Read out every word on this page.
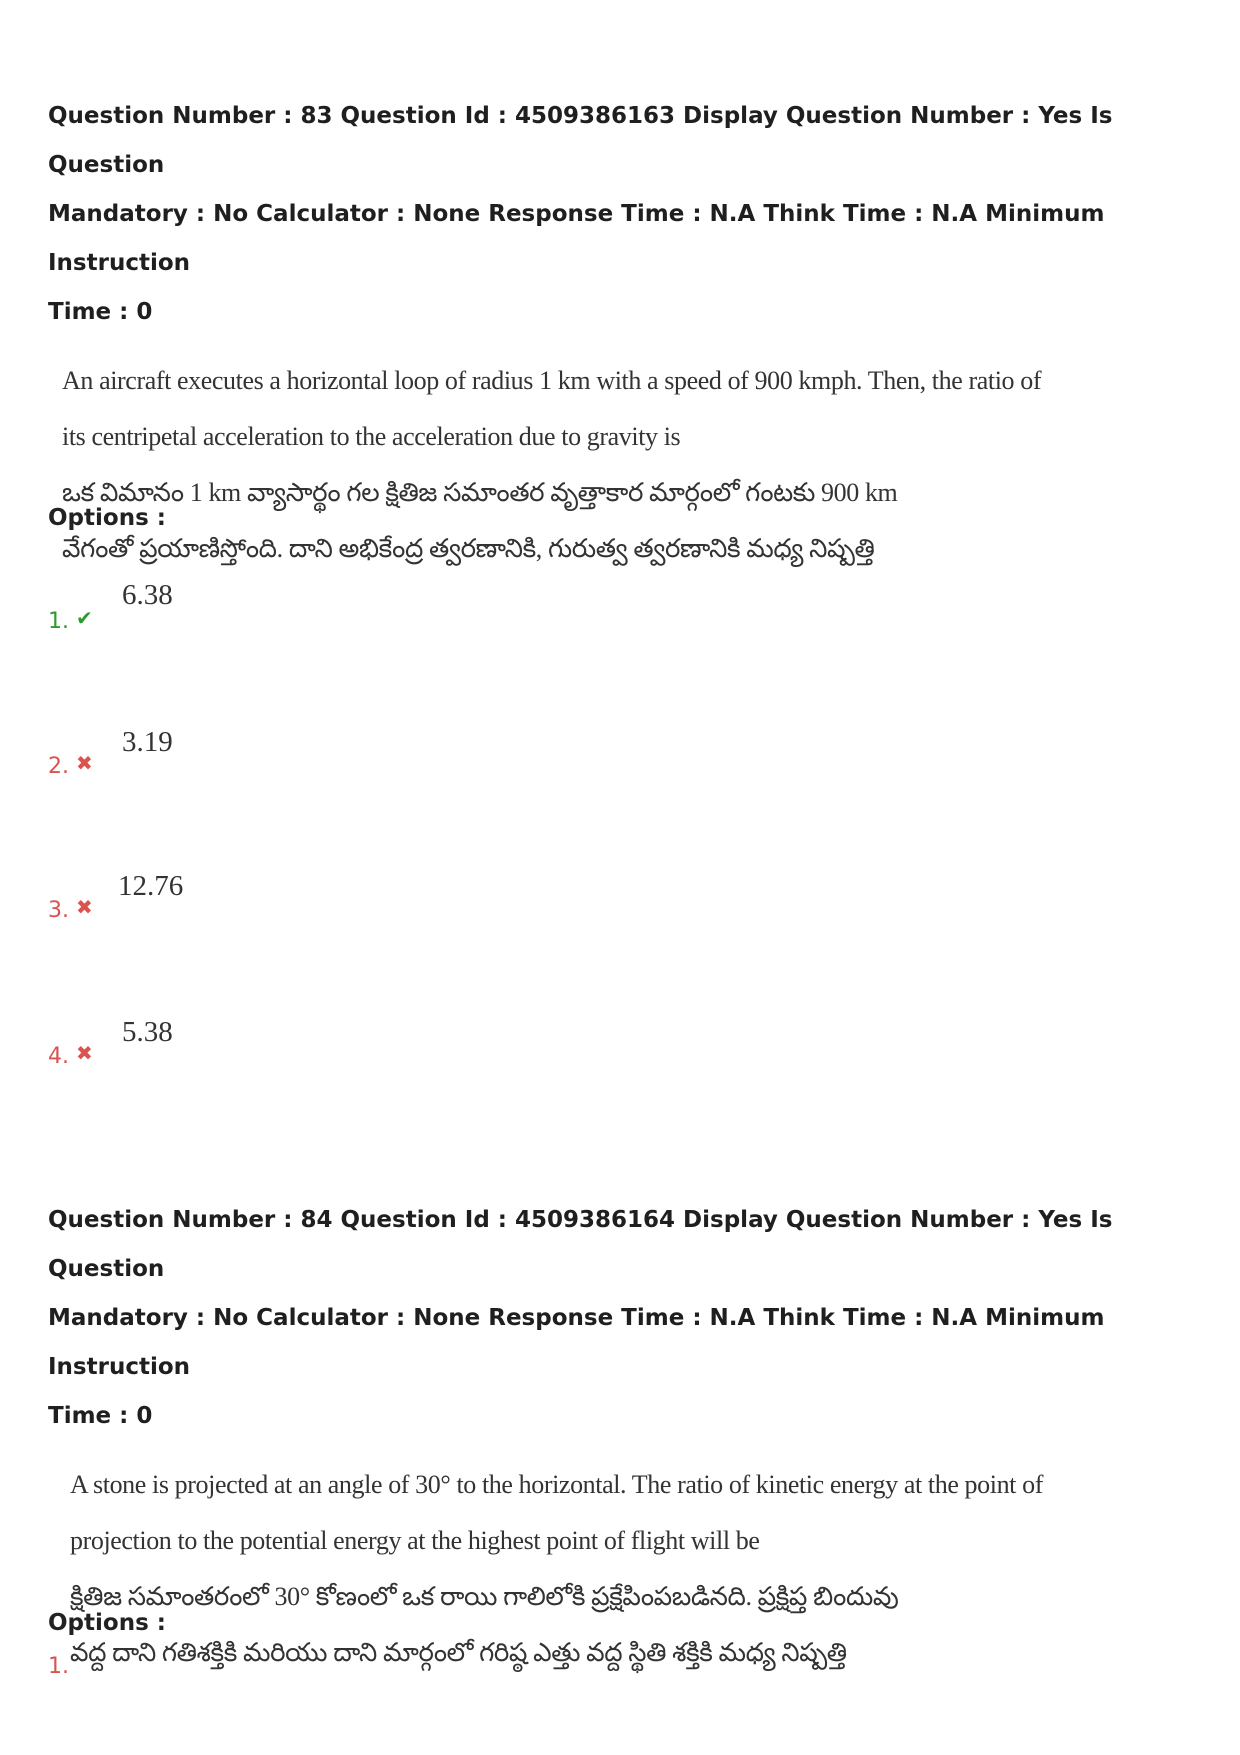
Question Number : 83 Question Id : 4509386163 Display Question Number : Yes Is Question
Mandatory : No Calculator : None Response Time : N.A Think Time : N.A Minimum Instruction
Time : 0
An aircraft executes a horizontal loop of radius 1 km with a speed of 900 kmph. Then, the ratio of
its centripetal acceleration to the acceleration due to gravity is
ఒక విమానం 1 km వ్యాసార్థం గల క్షితిజ సమాంతర వృత్తాకార మార్గంలో గంటకు 900 km
వేగంతో ప్రయాణిస్తోంది. దాని అభికేంద్ర త్వరణానికి, గురుత్వ త్వరణానికి మధ్య నిష్పత్తి
Options :
1. ✔
6.38
2. ✖
3.19
3. ✖
12.76
4. ✖
5.38
Question Number : 84 Question Id : 4509386164 Display Question Number : Yes Is Question
Mandatory : No Calculator : None Response Time : N.A Think Time : N.A Minimum Instruction
Time : 0
A stone is projected at an angle of 30° to the horizontal. The ratio of kinetic energy at the point of
projection to the potential energy at the highest point of flight will be
క్షితిజ సమాంతరంలో 30° కోణంలో ఒక రాయి గాలిలోకి ప్రక్షేపింపబడినది. ప్రక్షిప్త బిందువు
వద్ద దాని గతిశక్తికి మరియు దాని మార్గంలో గరిష్ఠ ఎత్తు వద్ద స్థితి శక్తికి మధ్య నిష్పత్తి
Options :
1.
